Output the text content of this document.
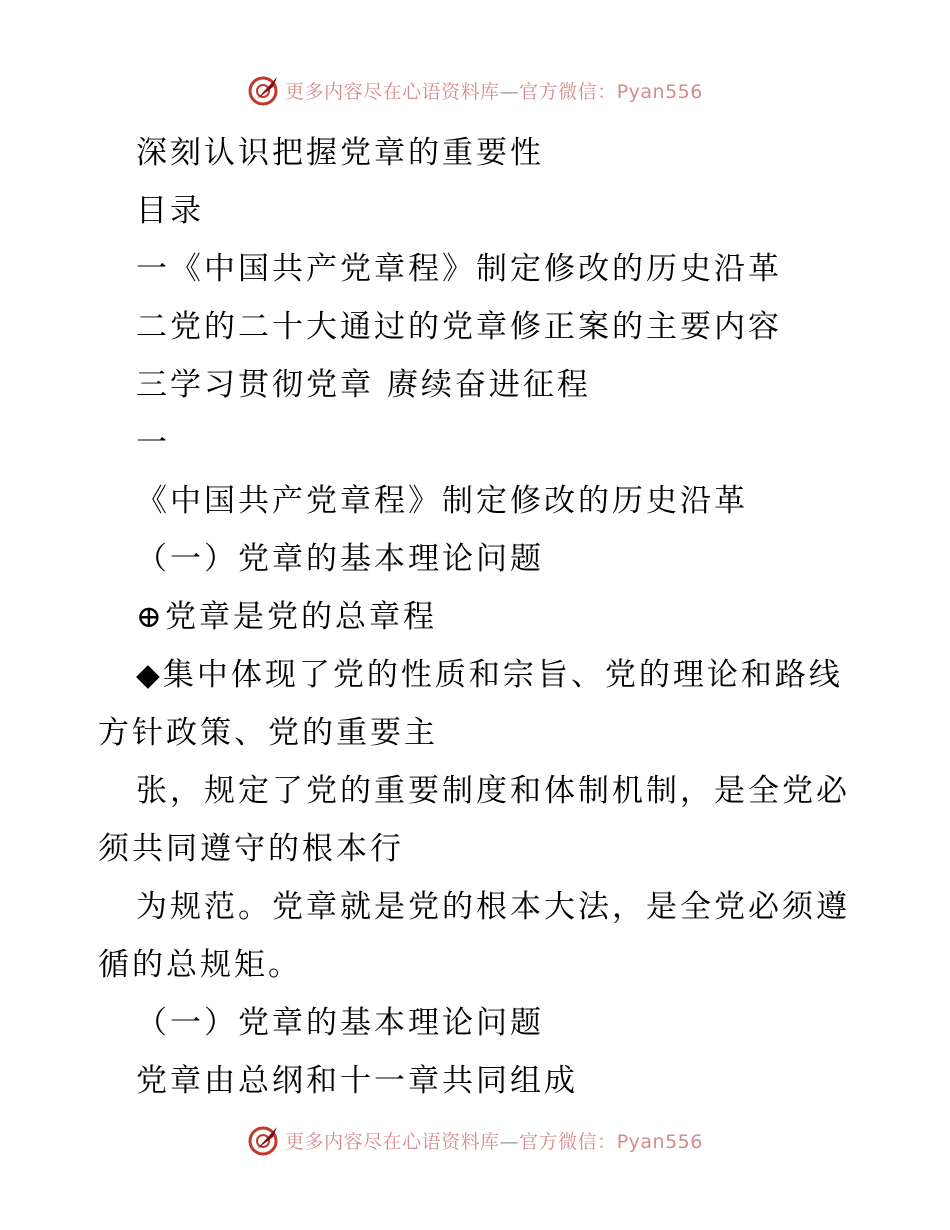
更多内容尽在心语资料库—官方微信：Pyan556
深刻认识把握党章的重要性
目录
一《中国共产党章程》制定修改的历史沿革
二党的二十大通过的党章修正案的主要内容
三学习贯彻党章 赓续奋进征程
一
《中国共产党章程》制定修改的历史沿革
（一）党章的基本理论问题
⊕党章是党的总章程
◆集中体现了党的性质和宗旨、党的理论和路线
方针政策、党的重要主
张，规定了党的重要制度和体制机制，是全党必
须共同遵守的根本行
为规范。党章就是党的根本大法，是全党必须遵
循的总规矩。
（一）党章的基本理论问题
党章由总纲和十一章共同组成
更多内容尽在心语资料库—官方微信：Pyan556
